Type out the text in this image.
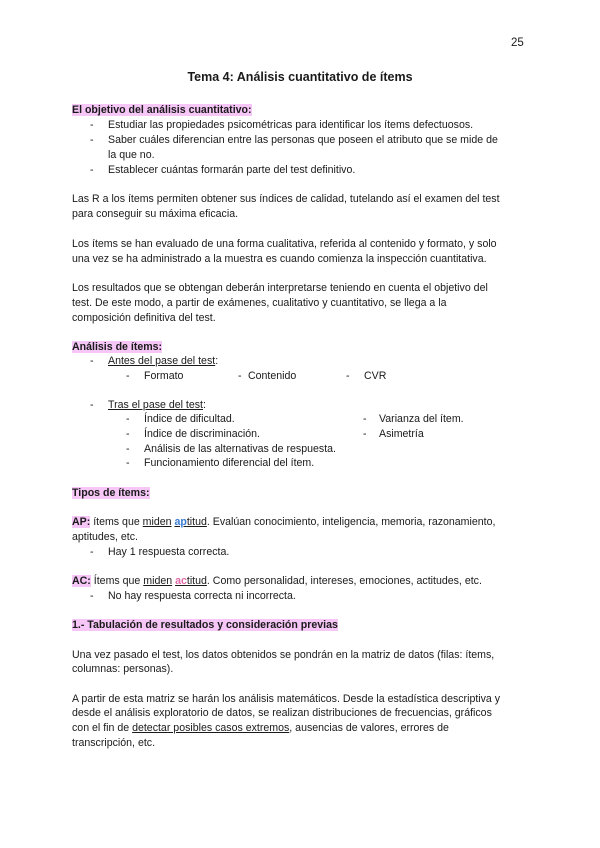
25
Tema 4: Análisis cuantitativo de ítems
El objetivo del análisis cuantitativo:
- Estudiar las propiedades psicométricas para identificar los ítems defectuosos.
- Saber cuáles diferencian entre las personas que poseen el atributo que se mide de
la que no.
- Establecer cuántas formarán parte del test definitivo.
Las R a los ítems permiten obtener sus índices de calidad, tutelando así el examen del test
para conseguir su máxima eficacia.
Los ítems se han evaluado de una forma cualitativa, referida al contenido y formato, y solo
una vez se ha administrado a la muestra es cuando comienza la inspección cuantitativa.
Los resultados que se obtengan deberán interpretarse teniendo en cuenta el objetivo del
test. De este modo, a partir de exámenes, cualitativo y cuantitativo, se llega a la
composición definitiva del test.
Análisis de ítems:
- Antes del pase del test:
- Formato	- Contenido	- CVR
- Tras el pase del test:
- Índice de dificultad.
- Índice de discriminación.
- Análisis de las alternativas de respuesta.
- Funcionamiento diferencial del ítem.
- Varianza del ítem.
- Asimetría
Tipos de ítems:
AP: ítems que miden aptitud. Evalúan conocimiento, inteligencia, memoria, razonamiento,
aptitudes, etc.
- Hay 1 respuesta correcta.
AC: Ítems que miden actitud. Como personalidad, intereses, emociones, actitudes, etc.
- No hay respuesta correcta ni incorrecta.
1.- Tabulación de resultados y consideración previas
Una vez pasado el test, los datos obtenidos se pondrán en la matriz de datos (filas: ítems,
columnas: personas).
A partir de esta matriz se harán los análisis matemáticos. Desde la estadística descriptiva y
desde el análisis exploratorio de datos, se realizan distribuciones de frecuencias, gráficos
con el fin de detectar posibles casos extremos, ausencias de valores, errores de
transcripción, etc.
